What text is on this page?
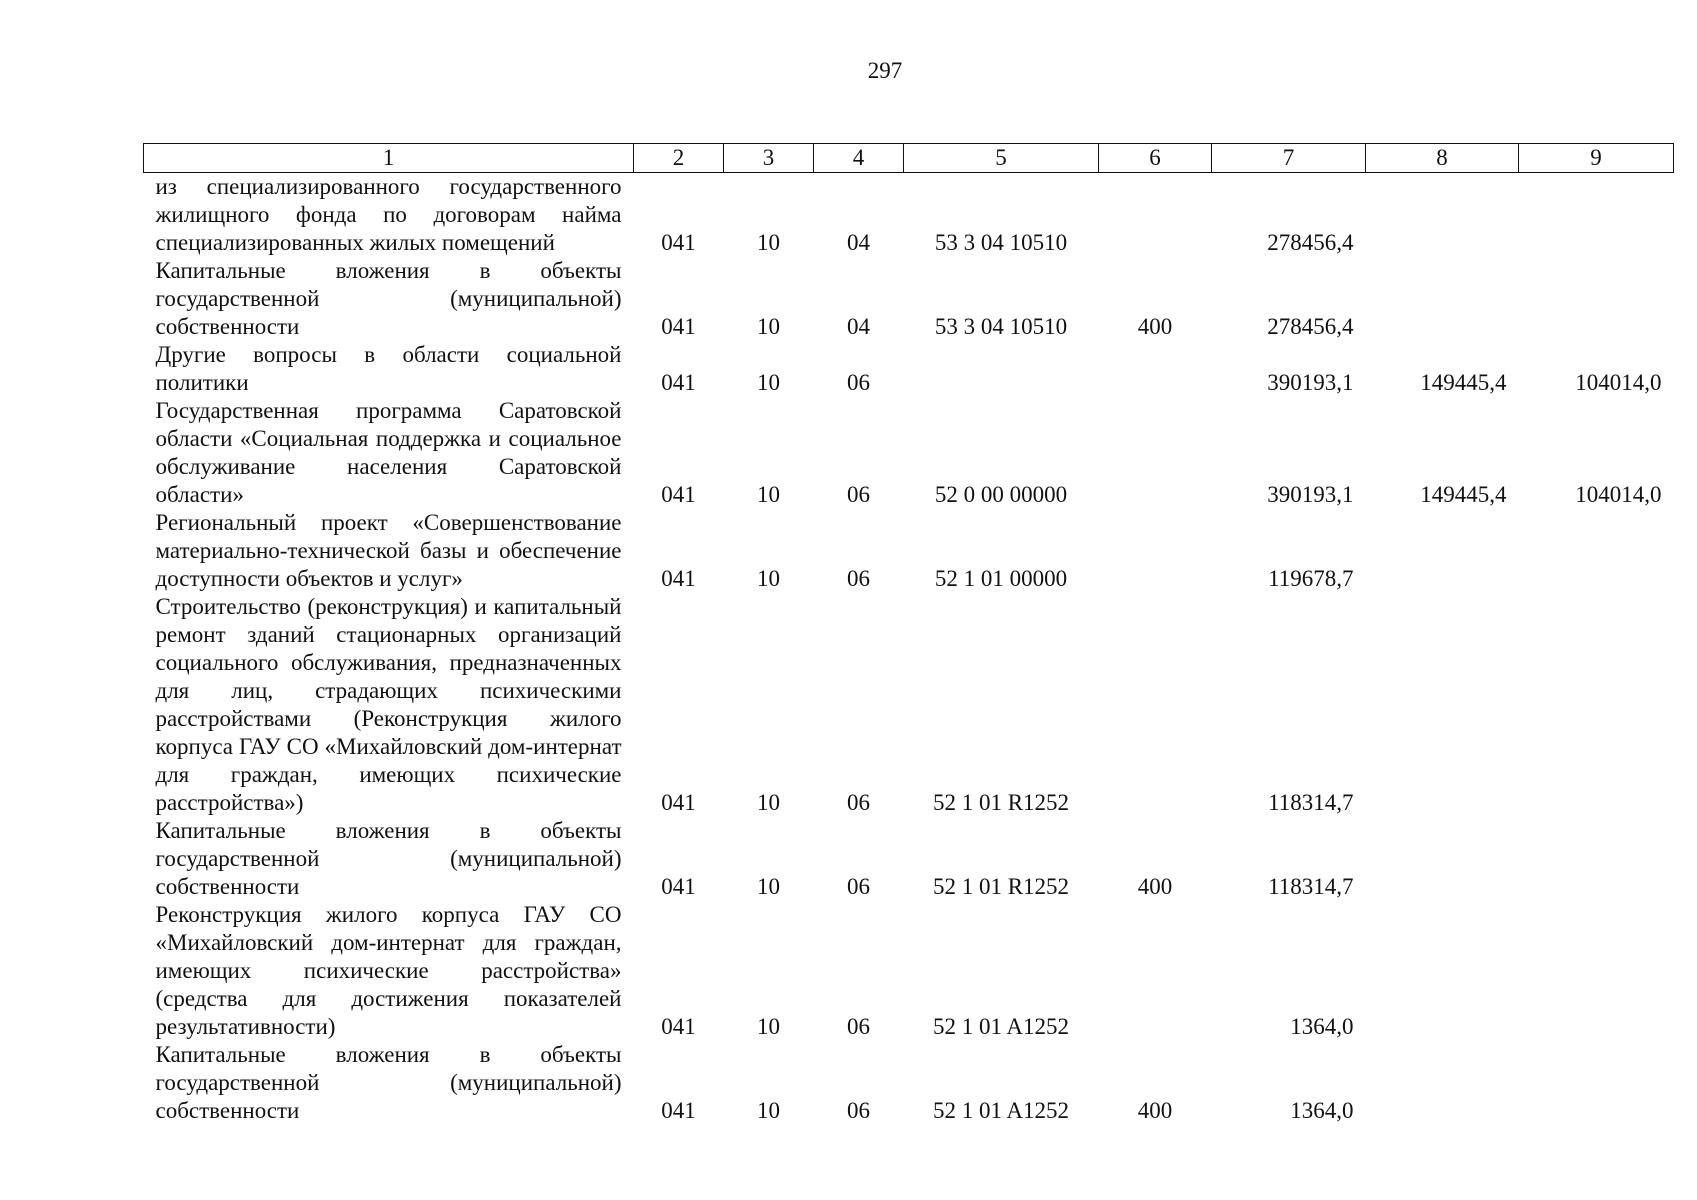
297
1	2	3	4	5	6	7	8	9
из специализированного государственного жилищного фонда по договорам найма специализированных жилых помещений	041	10	04	53 3 04 10510		278456,4		
Капитальные вложения в объекты государственной (муниципальной) собственности	041	10	04	53 3 04 10510	400	278456,4		
Другие вопросы в области социальной политики	041	10	06			390193,1	149445,4	104014,0
Государственная программа Саратовской области «Социальная поддержка и социальное обслуживание населения Саратовской области»	041	10	06	52 0 00 00000		390193,1	149445,4	104014,0
Региональный проект «Совершенствование материально-технической базы и обеспечение доступности объектов и услуг»	041	10	06	52 1 01 00000		119678,7		
Строительство (реконструкция) и капитальный ремонт зданий стационарных организаций социального обслуживания, предназначенных для лиц, страдающих психическими расстройствами (Реконструкция жилого корпуса ГАУ СО «Михайловский дом-интернат для граждан, имеющих психические расстройства»)	041	10	06	52 1 01 R1252		118314,7		
Капитальные вложения в объекты государственной (муниципальной) собственности	041	10	06	52 1 01 R1252	400	118314,7		
Реконструкция жилого корпуса ГАУ СО «Михайловский дом-интернат для граждан, имеющих психические расстройства» (средства для достижения показателей результативности)	041	10	06	52 1 01 A1252		1364,0		
Капитальные вложения в объекты государственной (муниципальной) собственности	041	10	06	52 1 01 A1252	400	1364,0		
